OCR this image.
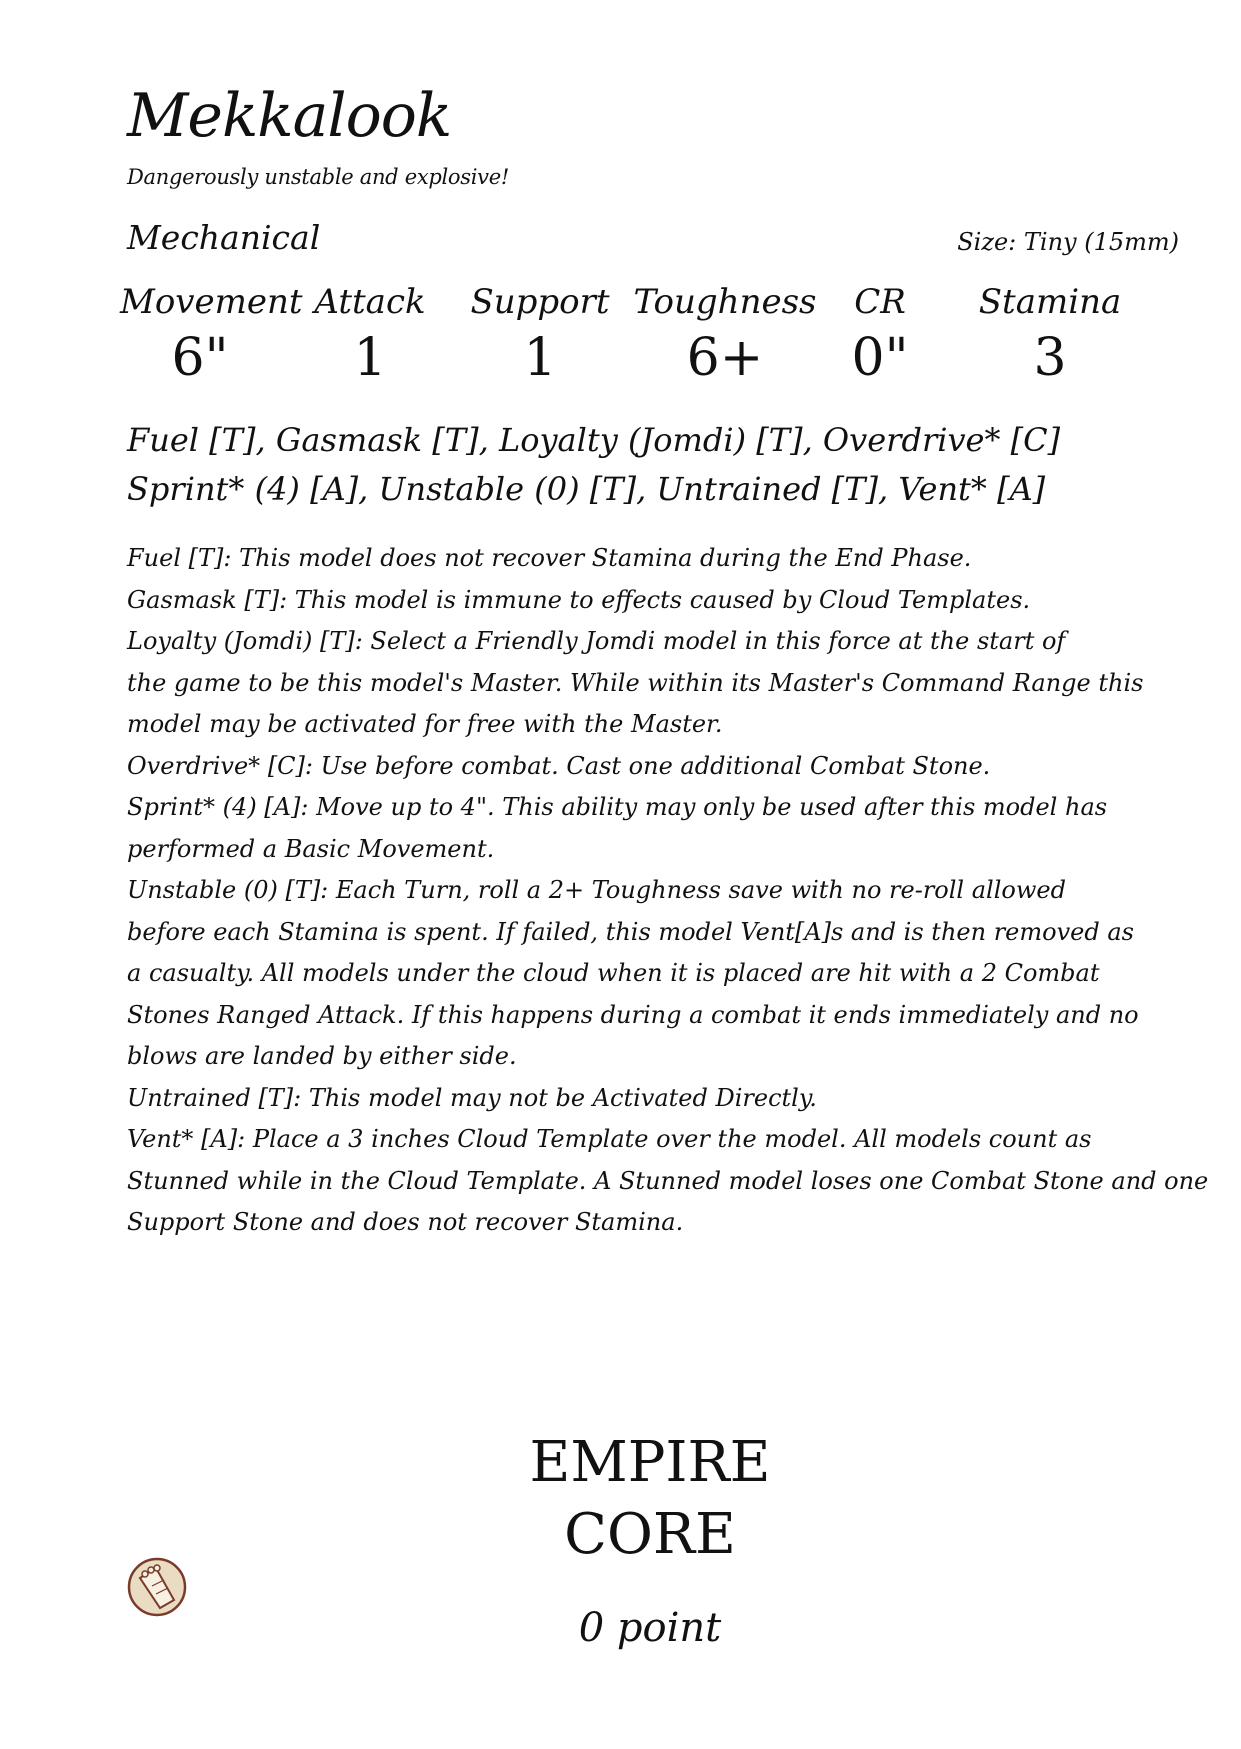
Mekkalook
Dangerously unstable and explosive!
Mechanical	Size: Tiny (15mm)
Movement
6"
Attack
1
Support
1
Toughness
6+
CR
0"
Stamina
3
Fuel [T], Gasmask [T], Loyalty (Jomdi) [T], Overdrive* [C]
Sprint* (4) [A], Unstable (0) [T], Untrained [T], Vent* [A]

Fuel [T]: This model does not recover Stamina during the End Phase.

Gasmask [T]: This model is immune to effects caused by Cloud Templates.

Loyalty (Jomdi) [T]: Select a Friendly Jomdi model in this force at the start of

the game to be this model's Master. While within its Master's Command Range this

model may be activated for free with the Master.

Overdrive* [C]: Use before combat. Cast one additional Combat Stone.

Sprint* (4) [A]: Move up to 4". This ability may only be used after this model has

performed a Basic Movement.

Unstable (0) [T]: Each Turn, roll a 2+ Toughness save with no re-roll allowed

before each Stamina is spent. If failed, this model Vent[A]s and is then removed as

a casualty. All models under the cloud when it is placed are hit with a 2 Combat

Stones Ranged Attack. If this happens during a combat it ends immediately and no

blows are landed by either side.

Untrained [T]: This model may not be Activated Directly.

Vent* [A]: Place a 3 inches Cloud Template over the model. All models count as

Stunned while in the Cloud Template. A Stunned model loses one Combat Stone and one

Support Stone and does not recover Stamina.

EMPIRE
CORE
0 point
